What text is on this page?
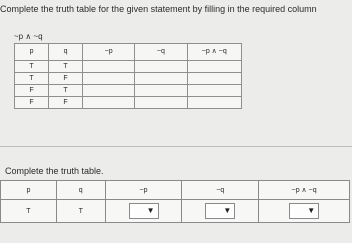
Complete the truth table for the given statement by filling in the required column
~p ∧ ~q
p	q	~p	~q	~p ∧ ~q
T	T			
T	F			
F	T			
F	F			
Complete the truth table.
p	q	~p	~q	~p ∧ ~q
T	T	▼	▼	▼
